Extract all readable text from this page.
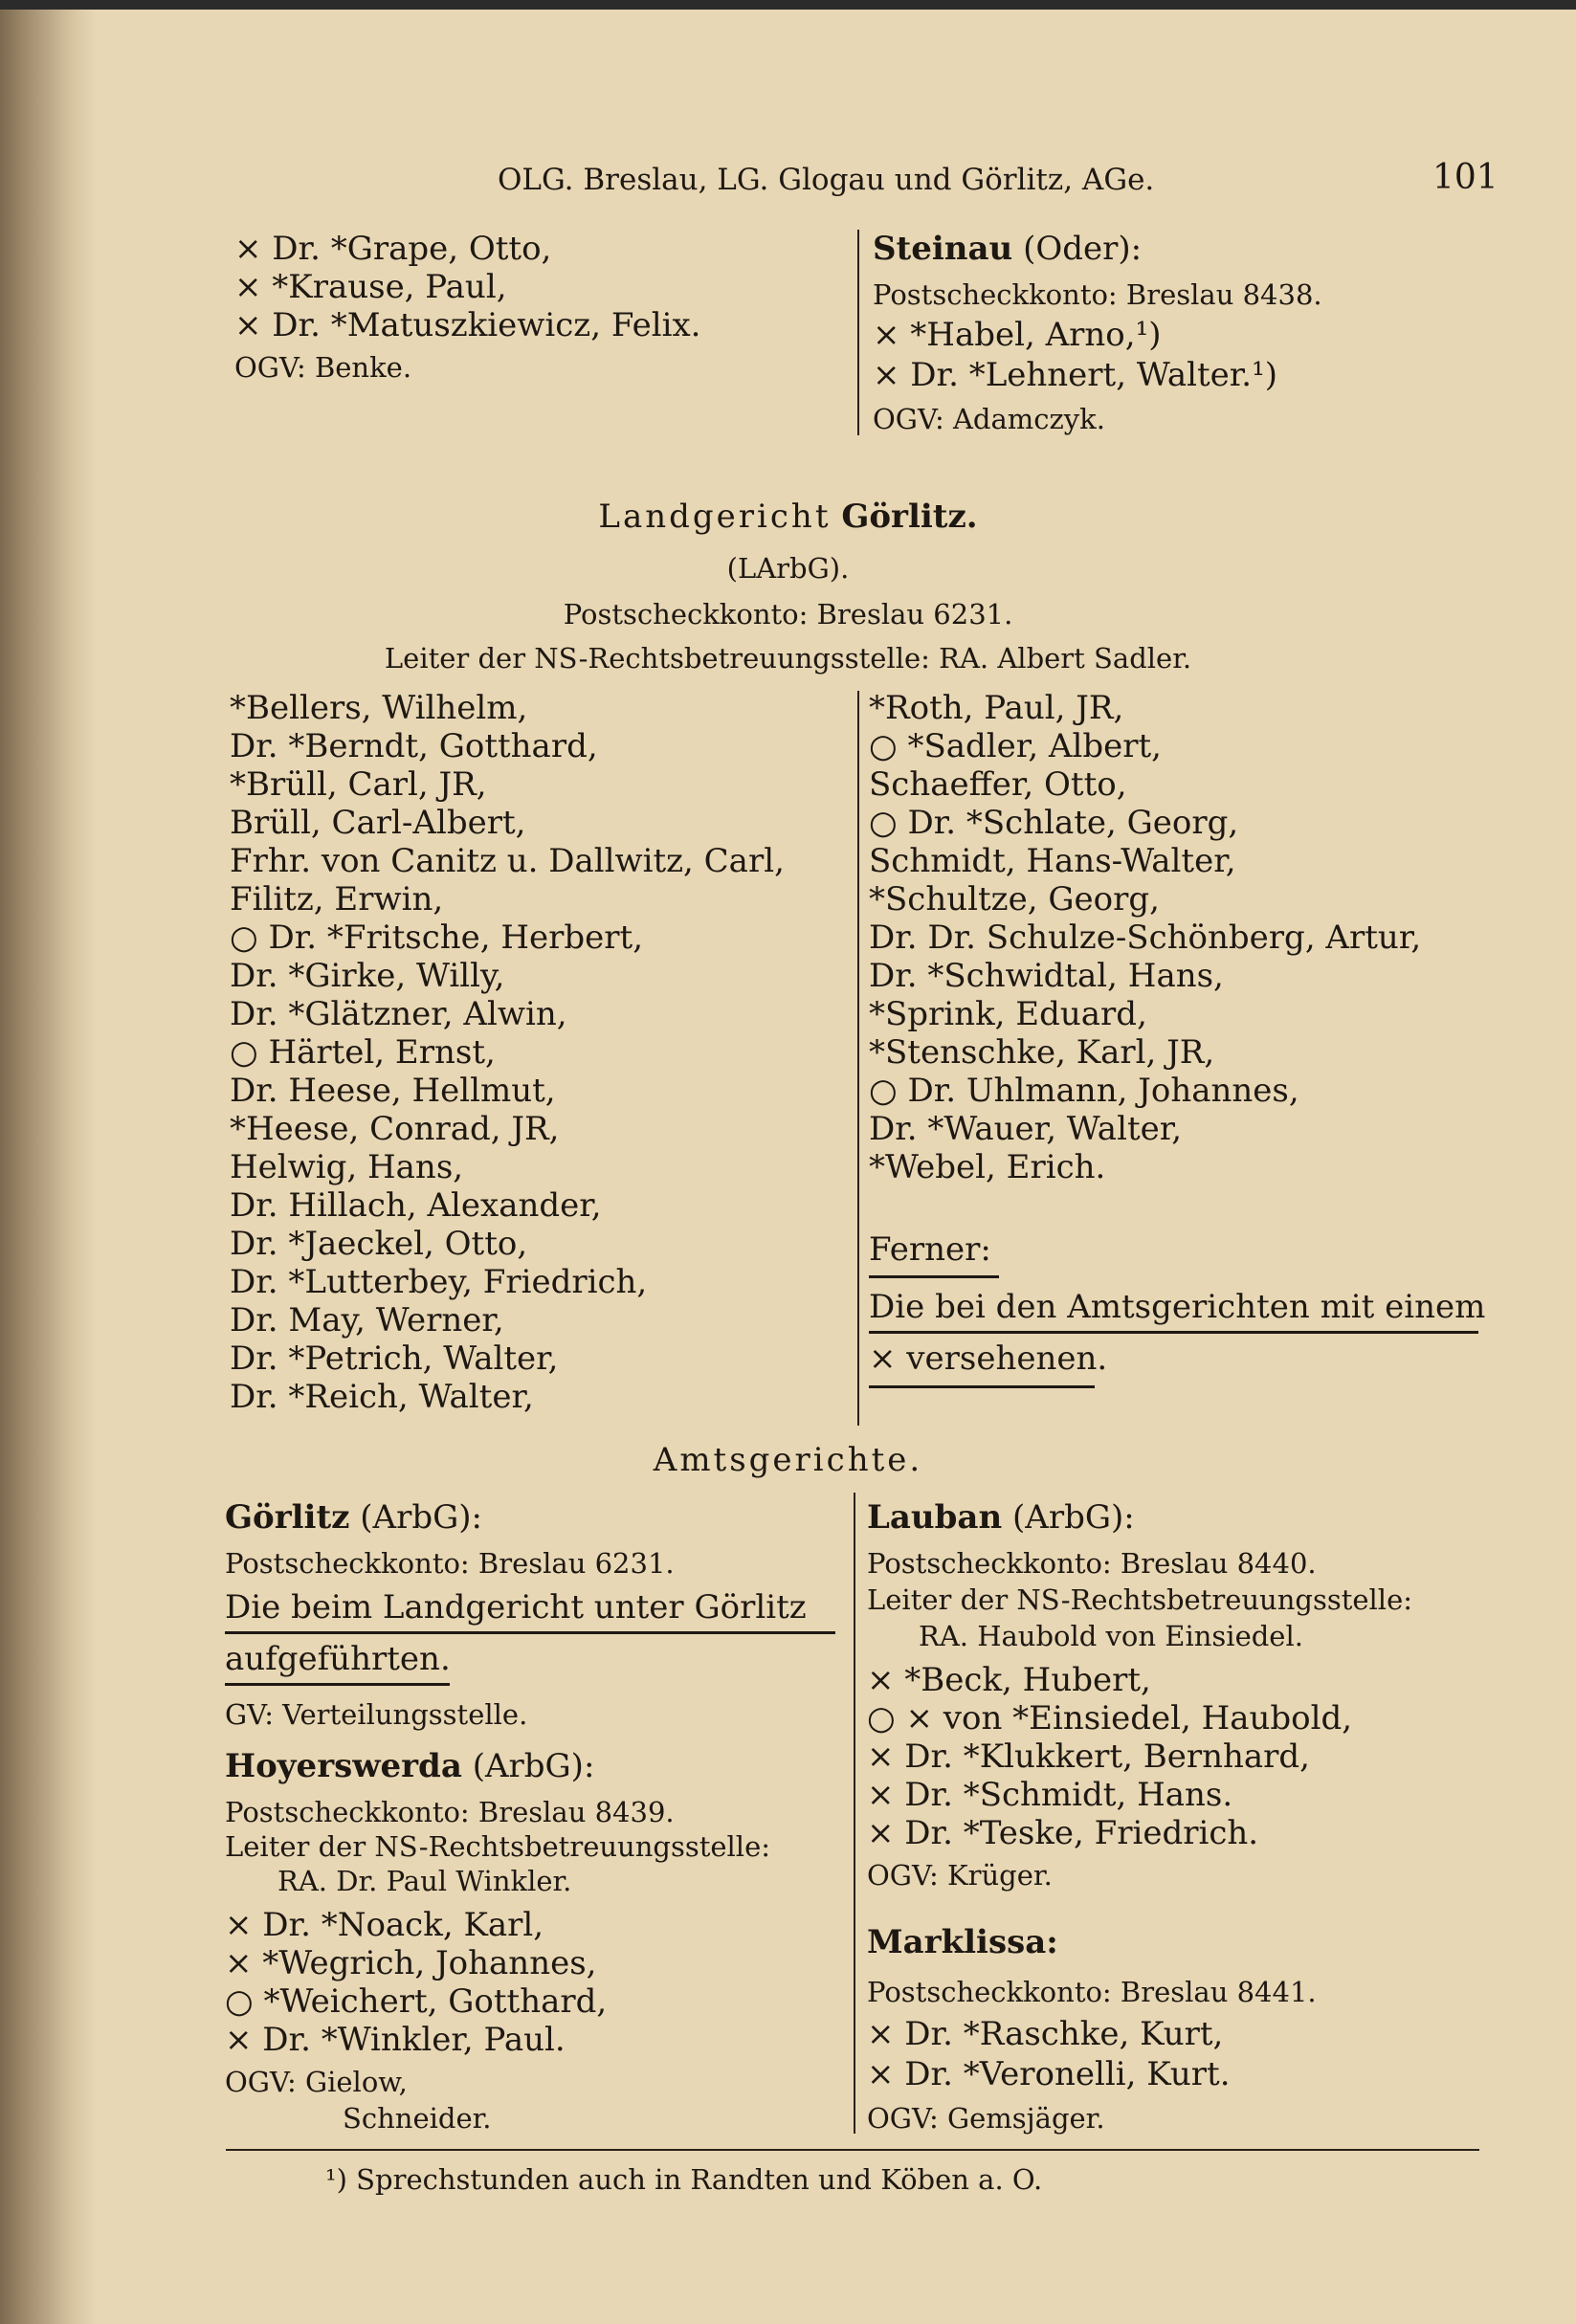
OLG. Breslau, LG. Glogau und Görlitz, AGe.	101
× Dr. *Grape, Otto,
× *Krause, Paul,
× Dr. *Matuszkiewicz, Felix.
OGV: Benke.
Steinau (Oder):
Postscheckkonto: Breslau 8438.
× *Habel, Arno,¹)
× Dr. *Lehnert, Walter.¹)
OGV: Adamczyk.
Landgericht Görlitz.
(LArbG).
Postscheckkonto: Breslau 6231.
Leiter der NS-Rechtsbetreuungsstelle: RA. Albert Sadler.
*Bellers, Wilhelm,
Dr. *Berndt, Gotthard,
*Brüll, Carl, JR,
Brüll, Carl-Albert,
Frhr. von Canitz u. Dallwitz, Carl,
Filitz, Erwin,
○ Dr. *Fritsche, Herbert,
Dr. *Girke, Willy,
Dr. *Glätzner, Alwin,
○ Härtel, Ernst,
Dr. Heese, Hellmut,
*Heese, Conrad, JR,
Helwig, Hans,
Dr. Hillach, Alexander,
Dr. *Jaeckel, Otto,
Dr. *Lutterbey, Friedrich,
Dr. May, Werner,
Dr. *Petrich, Walter,
Dr. *Reich, Walter,
*Roth, Paul, JR,
○ *Sadler, Albert,
Schaeffer, Otto,
○ Dr. *Schlate, Georg,
Schmidt, Hans-Walter,
*Schultze, Georg,
Dr. Dr. Schulze-Schönberg, Artur,
Dr. *Schwidtal, Hans,
*Sprink, Eduard,
*Stenschke, Karl, JR,
○ Dr. Uhlmann, Johannes,
Dr. *Wauer, Walter,
*Webel, Erich.
Ferner:
Die bei den Amtsgerichten mit einem
× versehenen.
Amtsgerichte.
Görlitz (ArbG):
Postscheckkonto: Breslau 6231.
Die beim Landgericht unter Görlitz
aufgeführten.
GV: Verteilungsstelle.
Hoyerswerda (ArbG):
Postscheckkonto: Breslau 8439.
Leiter der NS-Rechtsbetreuungsstelle:
RA. Dr. Paul Winkler.
× Dr. *Noack, Karl,
× *Wegrich, Johannes,
○ *Weichert, Gotthard,
× Dr. *Winkler, Paul.
OGV: Gielow,
Schneider.
Lauban (ArbG):
Postscheckkonto: Breslau 8440.
Leiter der NS-Rechtsbetreuungsstelle:
RA. Haubold von Einsiedel.
× *Beck, Hubert,
○ × von *Einsiedel, Haubold,
× Dr. *Klukkert, Bernhard,
× Dr. *Schmidt, Hans.
× Dr. *Teske, Friedrich.
OGV: Krüger.
Marklissa:
Postscheckkonto: Breslau 8441.
× Dr. *Raschke, Kurt,
× Dr. *Veronelli, Kurt.
OGV: Gemsjäger.
¹) Sprechstunden auch in Randten und Köben a. O.
